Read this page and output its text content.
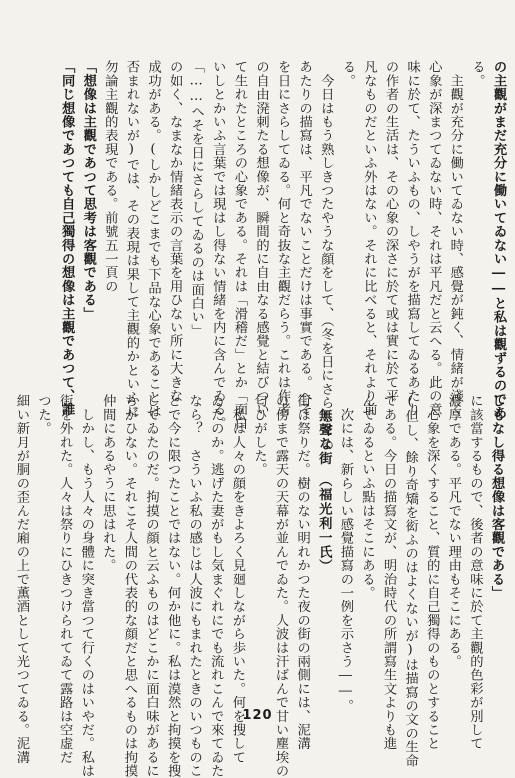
の主觀がまだ充分に働いてゐない――と私は觀ずるのであ
る。
　主觀が充分に働いてゐない時、感覺が鈍く、情緒が淺く
心象が深まつてゐない時、それは平凡だと云へる。此の意
味に於て、たういふもの、しやうがを描寫してゐるあたり
の作者の生活は、その心象の深さに於て或は實に於て平
凡なものだといふ外はない。それに比べると、それより前
る。
　今日はもう熟しきつたやうな顔をして、（冬を日にさらしてゐ
あたりの描寫は、平凡でないことだけは事實である。へそ
を日にさらしてゐる。何と奇抜な主觀だらう。これは作者
の自由溌刺たる想像が、瞬間的に自由なる感覺と結びつい
て生れたところの心象である。それは「滑稽だ」とか「面白
いしとかいふ言葉では現はし得ない情緒を内に含んでゐる。
「……へそを日にさらしてゐるのは面白い」
の如く、なまなか情緒表示の言葉を用ひない所に大きな
成功がある。(しかしどこまでも下品な心象であることは
否まれないが)では、その表現は果して主觀的かといふに
勿論主觀的表現である。前號五一頁の
「想像は主觀であつて思考は客觀である」
「同じ想像であつても自己獨得の想像は主觀であつて、誰
しもなし得る想像は客觀である」
に該當するもので、後者の意味に於て主觀的色彩が別して
濃厚である。平凡でない理由もそこにある。
　心象を深くすること、質的に自己獨得のものとすること
(但し、餘り奇矯を衒ふのはよくないが)は描寫の文の生命
である。今日の描寫文が、明治時代の所謂寫生文よりも進
んでゐるといふ點はそこにある。
　次には、新らしい感覺描寫の一例を示さう――。
　無聲な街　（福光利一氏）
街は祭りだ。樹のない明れかつた夜の街の兩側には、泥溝
の傍まで露天の天幕が並んでゐた。人波は汗ばんで甘い塵埃の
匂ひがした。
　私は人々の顔をきよろく見廻しながら歩いた。何を搜して
ゐたのか。逃げた妻がもし気まぐれにでも流れこんで來てゐた
なら？　さういふ私の感じは人波にもまれたときのいつものこ
とで今に限つたことではない。何か他に。私は漠然と拘摸を搜
してゐたのだ。拘摸の顔と云ふものはどこかに面白味があるに
ちがひない。それこそ人間の代表的な顔だと思へるものは拘摸
仲間にあるやうに思はれた。
　しかし、もう人々の身體に突き當つて行くのはいやだ。私は
街を外れた。人々は祭りにひきつけられてゐて露路は空虚だ
つた。
細い新月が胴の歪んだ廂の上で薫酒として光つてゐる。泥溝	120
